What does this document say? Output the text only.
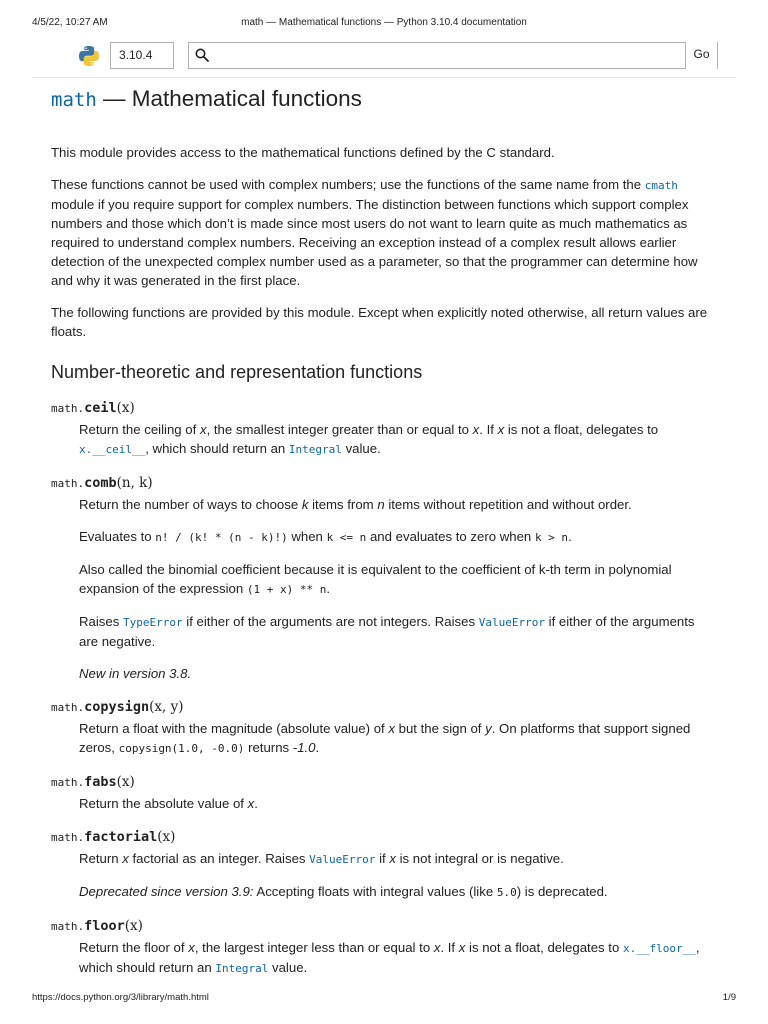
4/5/22, 10:27 AM	math — Mathematical functions — Python 3.10.4 documentation
3.10.4	Go
math — Mathematical functions

This module provides access to the mathematical functions defined by the C standard.

These functions cannot be used with complex numbers; use the functions of the same name from the cmath module if you require support for complex numbers. The distinction between functions which support complex numbers and those which don’t is made since most users do not want to learn quite as much mathematics as required to understand complex numbers. Receiving an exception instead of a complex result allows earlier detection of the unexpected complex number used as a parameter, so that the programmer can determine how and why it was generated in the first place.

The following functions are provided by this module. Except when explicitly noted otherwise, all return values are floats.

Number-theoretic and representation functions
math.ceil(x)

Return the ceiling of x, the smallest integer greater than or equal to x. If x is not a float, delegates to
x.__ceil__, which should return an Integral value.

math.comb(n, k)

Return the number of ways to choose k items from n items without repetition and without order.

Evaluates to n! / (k! * (n - k)!) when k <= n and evaluates to zero when k > n.

Also called the binomial coefficient because it is equivalent to the coefficient of k-th term in polynomial expansion of the expression (1 + x) ** n.

Raises TypeError if either of the arguments are not integers. Raises ValueError if either of the arguments are negative.

New in version 3.8.

math.copysign(x, y)

Return a float with the magnitude (absolute value) of x but the sign of y. On platforms that support signed zeros, copysign(1.0, -0.0) returns -1.0.

math.fabs(x)

Return the absolute value of x.

math.factorial(x)

Return x factorial as an integer. Raises ValueError if x is not integral or is negative.

Deprecated since version 3.9: Accepting floats with integral values (like 5.0) is deprecated.

math.floor(x)

Return the floor of x, the largest integer less than or equal to x. If x is not a float, delegates to x.__floor__,
which should return an Integral value.

https://docs.python.org/3/library/math.html	1/9
